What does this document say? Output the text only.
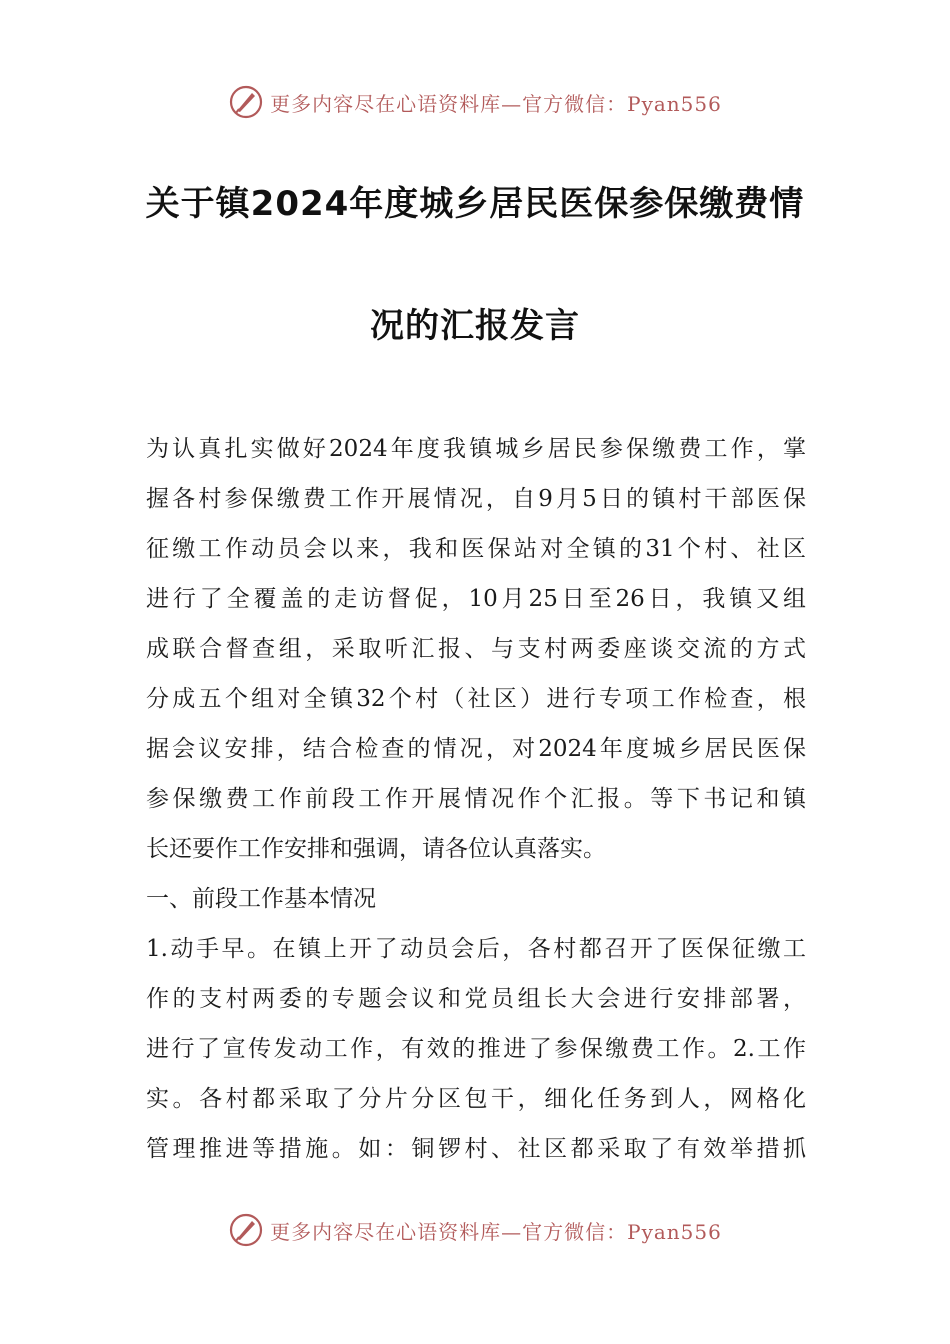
更多内容尽在心语资料库—官方微信：Pyan556
关于镇2024年度城乡居民医保参保缴费情
况的汇报发言
为认真扎实做好2024年度我镇城乡居民参保缴费工作，掌
握各村参保缴费工作开展情况，自9月5日的镇村干部医保
征缴工作动员会以来，我和医保站对全镇的31个村、社区
进行了全覆盖的走访督促，10月25日至26日，我镇又组
成联合督查组，采取听汇报、与支村两委座谈交流的方式
分成五个组对全镇32个村（社区）进行专项工作检查，根
据会议安排，结合检查的情况，对2024年度城乡居民医保
参保缴费工作前段工作开展情况作个汇报。等下书记和镇
长还要作工作安排和强调，请各位认真落实。
一、前段工作基本情况
1.动手早。在镇上开了动员会后，各村都召开了医保征缴工
作的支村两委的专题会议和党员组长大会进行安排部署，
进行了宣传发动工作，有效的推进了参保缴费工作。2.工作
实。各村都采取了分片分区包干，细化任务到人，网格化
管理推进等措施。如：铜锣村、社区都采取了有效举措抓
更多内容尽在心语资料库—官方微信：Pyan556
